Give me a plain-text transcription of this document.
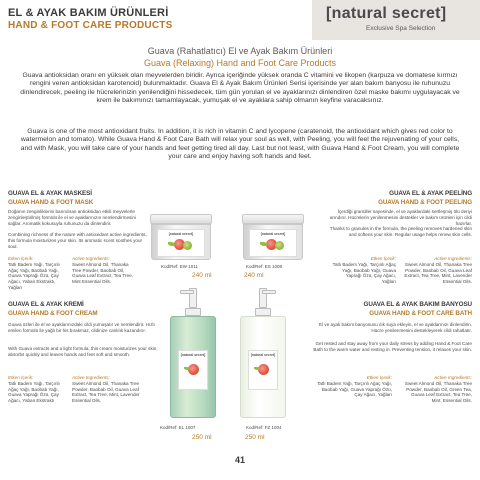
EL & AYAK BAKIM ÜRÜNLERİ
HAND & FOOT CARE PRODUCTS
[natural secret]
Exclusive Spa Selection
Guava (Rahatlatıcı) El ve Ayak Bakım Ürünleri
Guava (Relaxing) Hand and Foot Care Products
Guava antioksidan oranı en yüksek olan meyvelerden biridir. Ayrıca içeriğinde yüksek oranda C vitamini ve likopen (karpuza ve domatese kırmızı rengini veren antioksidan karotenoid) bulunmaktadır. Guava El & Ayak Bakım Ürünleri Serisi içerisinde yer alan bakım banyosu ile ruhunuzu dinlendirecek, peeling ile hücrelerinizin yenilendiğini hissedecek, tüm gün yorulan el ve ayaklarınızı dinlendiren özel maske bakımı uygulayacak ve krem ile bakımınızı tamamlayacak, yumuşak el ve ayaklara sahip olmanın keyfine varacaksınız.
Guava is one of the most antioxidant fruits. In addition, it is rich in vitamin C and lycopene (caratenoid, the antioxidant which gives red color to watermelon and tomato). While Guava Hand & Foot Care Bath will relax your soul as well, with Peeling, you will feel the rejuvenating of your cells, and with Mask, you will take care of your hands and feet getting tired all day. Last but not least, with Guava Hand & Foot Cream, you will complete your care and enjoy having soft hands and feet.
GUAVA EL & AYAK MASKESİ
GUAVA HAND & FOOT MASK
Doğanın zenginliklerini barındıran antioksidan etkili meyvelerle zenginleştirilmiş formülü ile el ve ayaklarınızın nemlendirmesini sağlar. Aromatik kokusuyla ruhunuzu da dinlendirir.
Combining richness of the nature with antioxidant active ingredients, this formula moisturizes your skin. Its aromatic scent soothes your soul.
Etken İçerik:
Tatlı Badem Yağı, Tarçınlı Ağaç Yağı, Baobab Yağı, Guava Yaprağı Özü, Çay Ağacı, Yaban Ekstraktı, Yağları
Active Ingredients:
Sweet Almond Oil, Thanaka Tree Powder, Baobab Oil, Guava Leaf Extract, Tea Tree, Mint Essential Oils.
[natural secret]	[natural secret]
Kod/Ref: EW 1011	Kod/Ref: ES 1008
240 ml	240 ml
GUAVA EL & AYAK PEELİNG
GUAVA HAND & FOOT PEELING
İçerdiği granüller sayesinde, el ve ayaklardaki sertleşmiş ölü deriyi arındırır. Hücrelerin yenilenmesini destekler ve bakım ürünleri için cildi hazırlar.
Thanks to granules in the formula, the peeling removes hardened skin and softens your skin. Regular usage helps renew skin cells.
Etken İçerik:
Tatlı Badem Yağı, Tarçınlı Ağaç Yağı, Baobab Yağı, Guava Yaprağı Özü, Çay Ağacı, Yağları
Active Ingredients:
Sweet Almond Oil, Thanaka Tree Powder, Baobab Oil, Guava Leaf Extract, Tea Tree, Mint, Lavender Essential Oils.
GUAVA EL & AYAK KREMİ
GUAVA HAND & FOOT CREAM
Guava özleri ile el ve ayaklarınızdaki cildi yumuşatır ve nemlendirir. Hızlı emilen formülü ile yağlı bir his bırakmaz, cildinize canlılık kazandırır.
With Guava extracts and a light formula, this cream moisturizes your skin, absorbs quickly and leaves hands and feet soft and smooth.
Etken İçerik:
Tatlı Badem Yağı, Tarçınlı Ağaç Yağı, Baobab Yağı, Guava Yaprağı Özü, Çay Ağacı, Yaban Ekstraktı
Active Ingredients:
Sweet Almond Oil, Thanaka Tree Powder, Baobab Oil, Guava Leaf Extract, Tea Tree, Mint, Lavender Essential Oils.
[natural secret]	[natural secret]
Kod/Ref: EL 1007	Kod/Ref: FZ 1004
250 ml	250 ml
GUAVA EL & AYAK BAKIM BANYOSU
GUAVA HAND & FOOT CARE BATH
El ve ayak bakım banyosunu ılık suya ekleyin, el ve ayaklarınızı dinlendirin. Hücre yenilenmesini destekleyerek cildi rahatlatır.
Get rested and stay away from your daily stress by adding Hand & Foot Care Bath to the warm water and resting in. Preventing tension, it relaxes your skin.
Etken İçerik:
Tatlı Badem Yağı, Tarçınlı Ağaç Yağı, Baobab Yağı, Guava Yaprağı Özü, Çay Ağacı, Yağları
Active Ingredients:
Sweet Almond Oil, Thanaka Tree Powder, Baobab Oil, Green Tea, Guava Leaf Extract, Tea Tree, Mint, Essential Oils.
41
